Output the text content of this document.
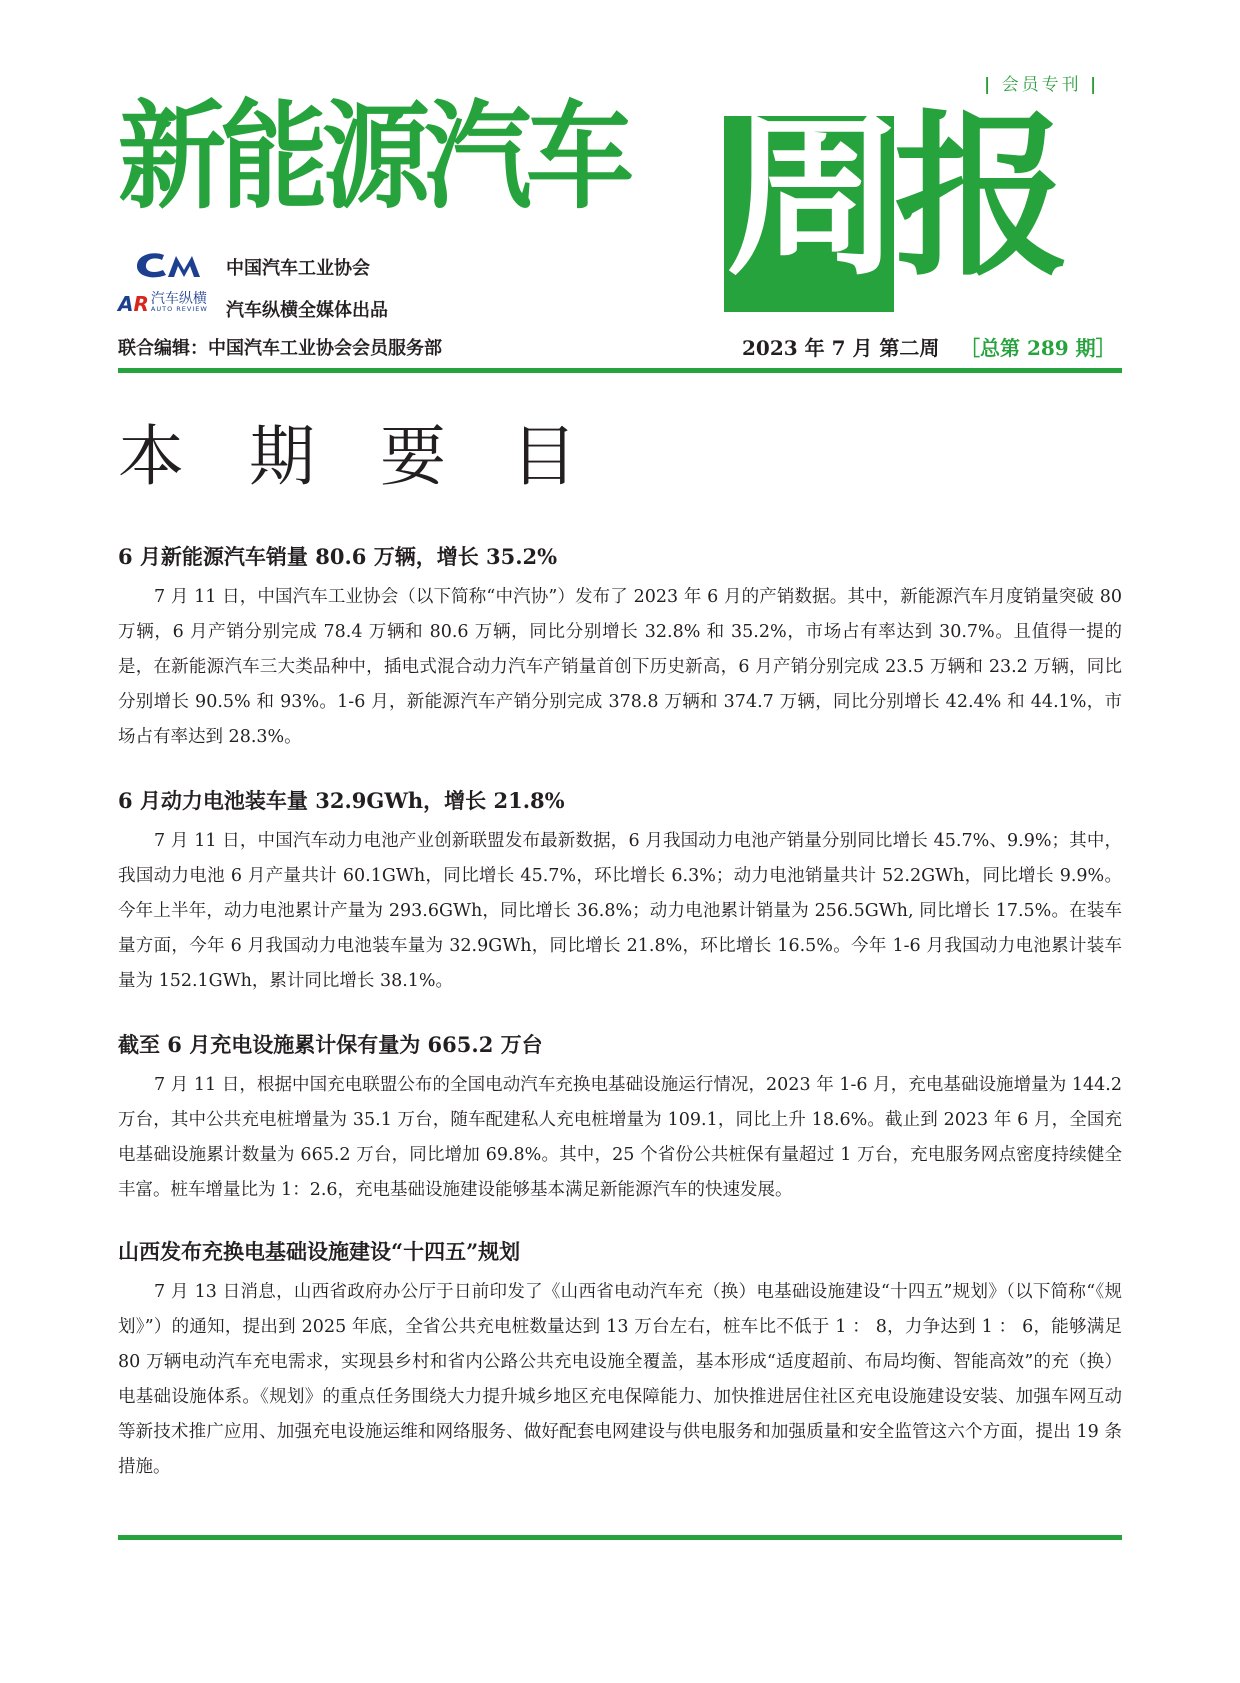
| 会员专刊 |
新能源汽车 周报
中国汽车工业协会
AR 汽车纵横
AUTO REVIEW 汽车纵横全媒体出品
联合编辑：中国汽车工业协会会员服务部	2023 年 7 月 第二周 ［总第 289 期］
本 期 要 目
6 月新能源汽车销量 80.6 万辆，增长 35.2%

7 月 11 日，中国汽车工业协会（以下简称“中汽协”）发布了 2023 年 6 月的产销数据。其中，新能源汽车月度销量突破 80 万辆，6 月产销分别完成 78.4 万辆和 80.6 万辆，同比分别增长 32.8% 和 35.2%，市场占有率达到 30.7%。且值得一提的是，在新能源汽车三大类品种中，插电式混合动力汽车产销量首创下历史新高，6 月产销分别完成 23.5 万辆和 23.2 万辆，同比分别增长 90.5% 和 93%。1-6 月，新能源汽车产销分别完成 378.8 万辆和 374.7 万辆，同比分别增长 42.4% 和 44.1%，市场占有率达到 28.3%。

6 月动力电池装车量 32.9GWh，增长 21.8%

7 月 11 日，中国汽车动力电池产业创新联盟发布最新数据，6 月我国动力电池产销量分别同比增长 45.7%、9.9%；其中，我国动力电池 6 月产量共计 60.1GWh，同比增长 45.7%，环比增长 6.3%；动力电池销量共计 52.2GWh，同比增长 9.9%。今年上半年，动力电池累计产量为 293.6GWh，同比增长 36.8%；动力电池累计销量为 256.5GWh, 同比增长 17.5%。在装车量方面，今年 6 月我国动力电池装车量为 32.9GWh，同比增长 21.8%，环比增长 16.5%。今年 1-6 月我国动力电池累计装车量为 152.1GWh，累计同比增长 38.1%。

截至 6 月充电设施累计保有量为 665.2 万台

7 月 11 日，根据中国充电联盟公布的全国电动汽车充换电基础设施运行情况，2023 年 1-6 月，充电基础设施增量为 144.2 万台，其中公共充电桩增量为 35.1 万台，随车配建私人充电桩增量为 109.1，同比上升 18.6%。截止到 2023 年 6 月，全国充电基础设施累计数量为 665.2 万台，同比增加 69.8%。其中，25 个省份公共桩保有量超过 1 万台，充电服务网点密度持续健全丰富。桩车增量比为 1：2.6，充电基础设施建设能够基本满足新能源汽车的快速发展。

山西发布充换电基础设施建设“十四五”规划

7 月 13 日消息，山西省政府办公厅于日前印发了《山西省电动汽车充（换）电基础设施建设“十四五”规划》（以下简称“《规划》”）的通知，提出到 2025 年底，全省公共充电桩数量达到 13 万台左右，桩车比不低于 1 ： 8，力争达到 1 ： 6，能够满足 80 万辆电动汽车充电需求，实现县乡村和省内公路公共充电设施全覆盖，基本形成“适度超前、布局均衡、智能高效”的充（换）电基础设施体系。《规划》的重点任务围绕大力提升城乡地区充电保障能力、加快推进居住社区充电设施建设安装、加强车网互动等新技术推广应用、加强充电设施运维和网络服务、做好配套电网建设与供电服务和加强质量和安全监管这六个方面，提出 19 条措施。
